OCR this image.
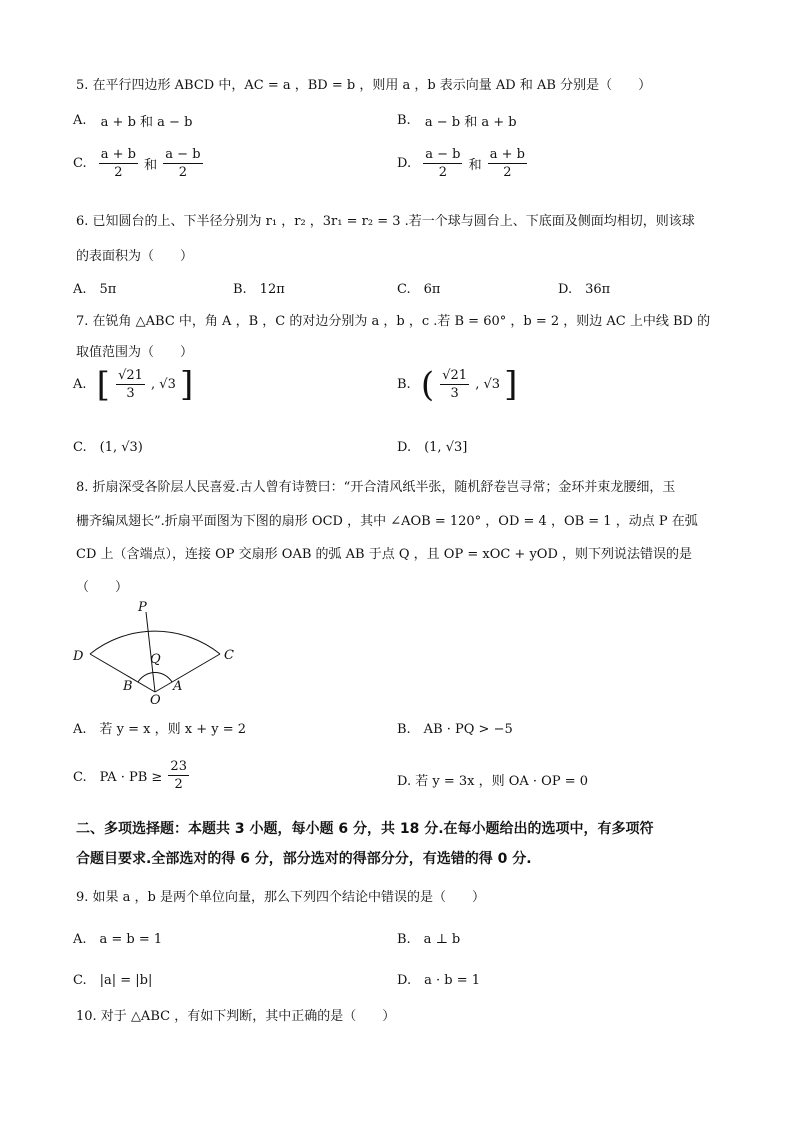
5. 在平行四边形 ABCD 中，AC = a ，BD = b ，则用 a ，b 表示向量 AD 和 AB 分别是（　　）
A. a + b 和 a − b	B. a − b 和 a + b
C. $\frac{a + b}{2}$ 和 $\frac{a - b}{2}$	D. $\frac{a - b}{2}$ 和 $\frac{a + b}{2}$
6. 已知圆台的上、下半径分别为 r₁ ，r₂ ，3r₁ = r₂ = 3 .若一个球与圆台上、下底面及侧面均相切，则该球
的表面积为（　　）
A.　5π	B.　12π	C.　6π	D.　36π
7. 在锐角 △ABC 中，角 A ，B ，C 的对边分别为 a ，b ，c .若 B = 60° ，b = 2 ，则边 AC 上中线 BD 的
取值范围为（　　）
A. [ $\frac{√21}{3}$ , √3 ]	B. ( $\frac{√21}{3}$ , √3 ]
C.　(1, √3)	D.　(1, √3]
8. 折扇深受各阶层人民喜爱.古人曾有诗赞曰：“开合清风纸半张，随机舒卷岂寻常；金环并束龙腰细，玉
栅齐编凤翅长”.折扇平面图为下图的扇形 OCD ，其中 ∠AOB = 120° ，OD = 4 ，OB = 1 ，动点 P 在弧
CD 上（含端点），连接 OP 交扇形 OAB 的弧 AB 于点 Q ，且 OP = xOC + yOD ，则下列说法错误的是
（　　）
P
D	C
Q
B	A
O
A.　若 y = x ，则 x + y = 2	B.　AB · PQ > −5
C.　PA · PB ≥ $\frac{23}{2}$	D. 若 y = 3x ，则 OA · OP = 0
二、多项选择题：本题共 3 小题，每小题 6 分，共 18 分.在每小题给出的选项中，有多项符
合题目要求.全部选对的得 6 分，部分选对的得部分分，有选错的得 0 分.
9. 如果 a ，b 是两个单位向量，那么下列四个结论中错误的是（　　）
A.　a = b = 1	B.　a ⊥ b
C.　|a| = |b|	D.　a · b = 1
10. 对于 △ABC ，有如下判断，其中正确的是（　　）
